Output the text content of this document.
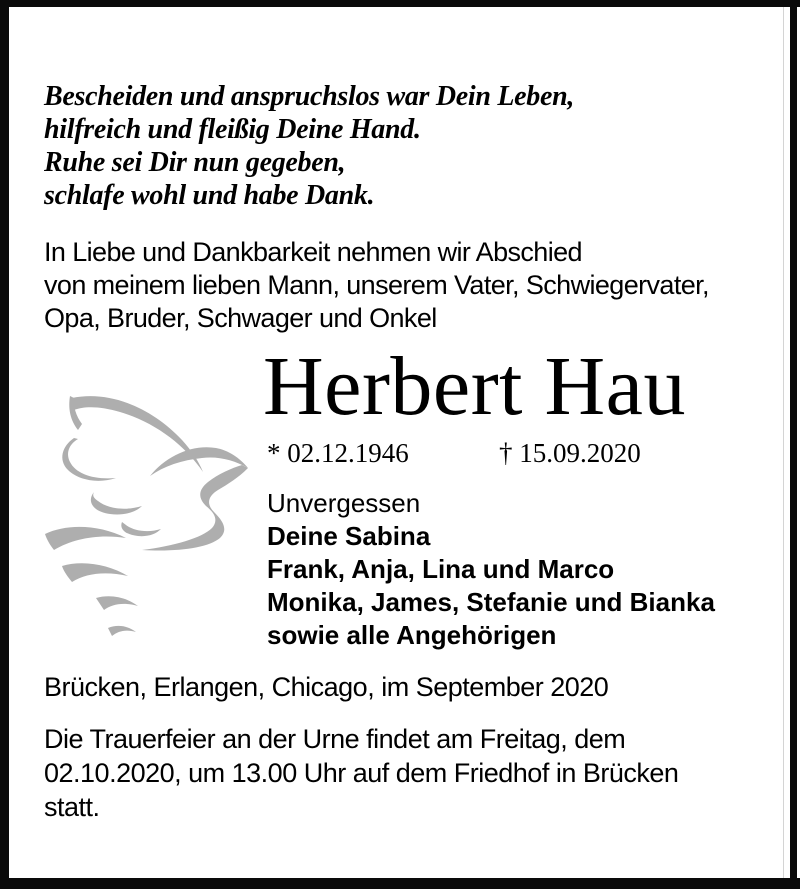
Bescheiden und anspruchslos war Dein Leben,
hilfreich und fleißig Deine Hand.
Ruhe sei Dir nun gegeben,
schlafe wohl und habe Dank.
In Liebe und Dankbarkeit nehmen wir Abschied
von meinem lieben Mann, unserem Vater, Schwiegervater,
Opa, Bruder, Schwager und Onkel
Herbert Hau
* 02.12.1946	† 15.09.2020
Unvergessen
Deine Sabina
Frank, Anja, Lina und Marco
Monika, James, Stefanie und Bianka
sowie alle Angehörigen
Brücken, Erlangen, Chicago, im September 2020
Die Trauerfeier an der Urne findet am Freitag, dem
02.10.2020, um 13.00 Uhr auf dem Friedhof in Brücken
statt.
